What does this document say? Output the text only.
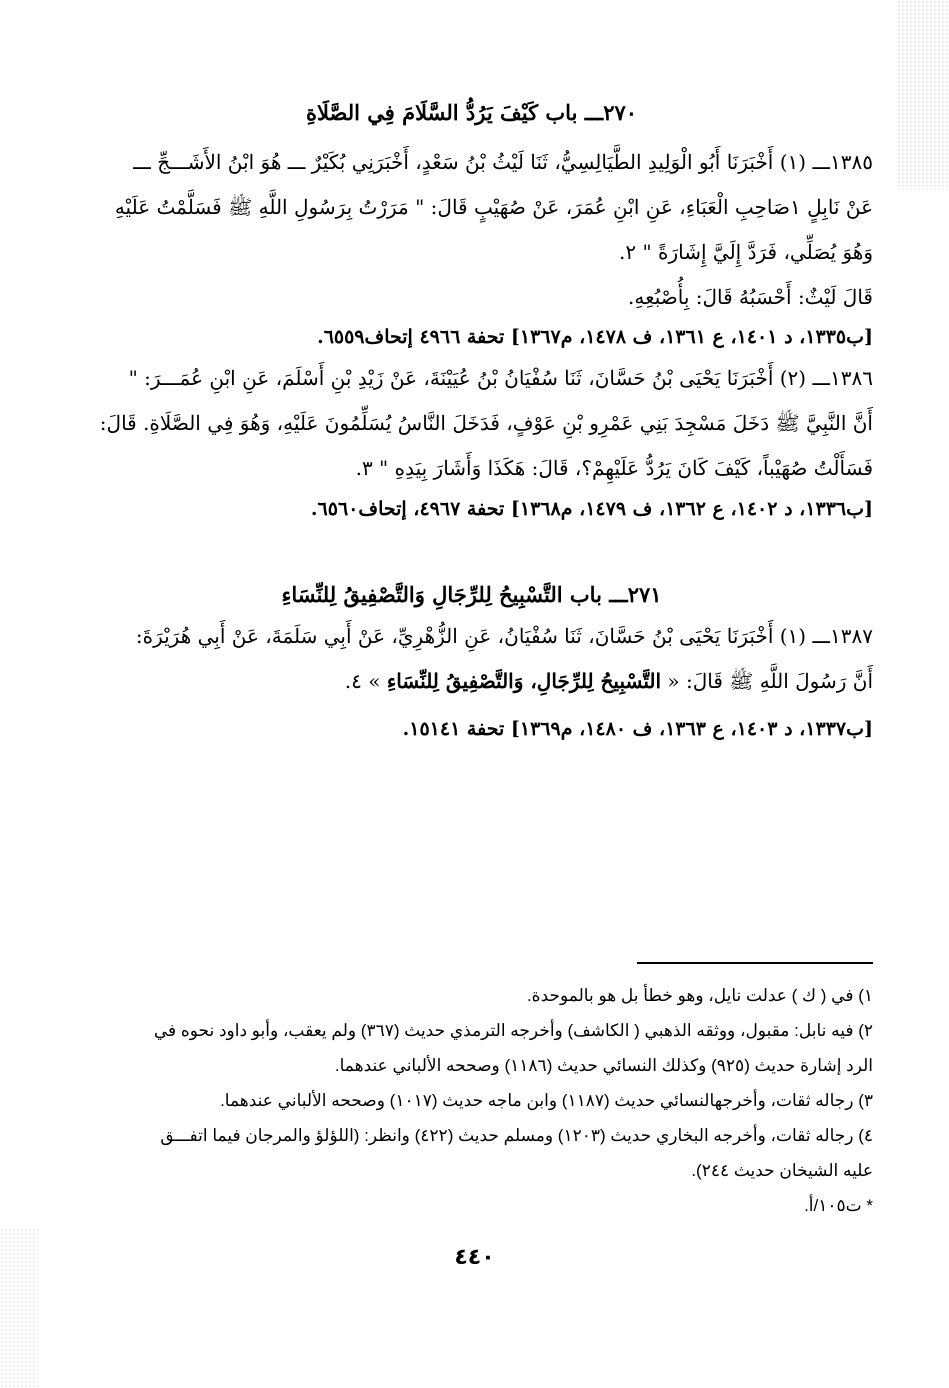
٢٧٠ـــ باب كَيْفَ يَرُدُّ السَّلَامَ فِي الصَّلَاةِ

١٣٨٥ـــ (١) أَخْبَرَنَا أَبُو الْوَلِيدِ الطَّيَالِسِيُّ، ثَنَا لَيْثُ بْنُ سَعْدٍ، أَخْبَرَنِي بُكَيْرٌ ـــ هُوَ ابْنُ الأَشَـــجِّ ـــ

عَنْ نَابِلٍ ١صَاحِبِ الْعَبَاءِ، عَنِ ابْنِ عُمَرَ، عَنْ صُهَيْبٍ قَالَ: " مَرَرْتُ بِرَسُولِ اللَّهِ ﷺ فَسَلَّمْتُ عَلَيْهِ

وَهُوَ يُصَلِّي، فَرَدَّ إِلَيَّ إِشَارَةً " ٢.

قَالَ لَيْثٌ: أَحْسَبُهُ قَالَ: بِأُصْبُعِهِ.

[ب١٣٣٥، د ١٤٠١، ع ١٣٦١، ف ١٤٧٨، م١٣٦٧] تحفة ٤٩٦٦ إتحاف٦٥٥٩.

١٣٨٦ـــ (٢) أَخْبَرَنَا يَحْيَى بْنُ حَسَّانَ، ثَنَا سُفْيَانُ بْنُ عُيَيْنَةَ، عَنْ زَيْدِ بْنِ أَسْلَمَ، عَنِ ابْنِ عُمَـــرَ: "

أَنَّ النَّبِيَّ ﷺ دَخَلَ مَسْجِدَ بَنِي عَمْرِو بْنِ عَوْفٍ، فَدَخَلَ النَّاسُ يُسَلِّمُونَ عَلَيْهِ، وَهُوَ فِي الصَّلَاةِ. قَالَ:

فَسَأَلْتُ صُهَيْباً، كَيْفَ كَانَ يَرُدُّ عَلَيْهِمْ؟، قَالَ: هَكَذَا وَأَشَارَ بِيَدِهِ " ٣.

[ب١٣٣٦، د ١٤٠٢، ع ١٣٦٢، ف ١٤٧٩، م١٣٦٨] تحفة ٤٩٦٧، إتحاف٦٥٦٠.
٢٧١ـــ باب التَّسْبِيحُ لِلرِّجَالِ وَالتَّصْفِيقُ لِلنِّسَاءِ

١٣٨٧ـــ (١) أَخْبَرَنَا يَحْيَى بْنُ حَسَّانَ، ثَنَا سُفْيَانُ، عَنِ الزُّهْرِيِّ، عَنْ أَبِي سَلَمَةَ، عَنْ أَبِي هُرَيْرَةَ:

أَنَّ رَسُولَ اللَّهِ ﷺ قَالَ: « التَّسْبِيحُ لِلرِّجَالِ، وَالتَّصْفِيقُ لِلنِّسَاءِ » ٤.

[ب١٣٣٧، د ١٤٠٣، ع ١٣٦٣، ف ١٤٨٠، م١٣٦٩] تحفة ١٥١٤١.

١) في ( ك ) عدلت نايل، وهو خطأ بل هو بالموحدة.

٢) فيه نابل: مقبول، ووثقه الذهبي ( الكاشف) وأخرجه الترمذي حديث (٣٦٧) ولم يعقب، وأبو داود نحوه في

الرد إشارة حديث (٩٢٥) وكذلك النسائي حديث (١١٨٦) وصححه الألباني عندهما.

٣) رجاله ثقات، وأخرجهالنسائي حديث (١١٨٧) وابن ماجه حديث (١٠١٧) وصححه الألباني عندهما.

٤) رجاله ثقات، وأخرجه البخاري حديث (١٢٠٣) ومسلم حديث (٤٢٢) وانظر: (اللؤلؤ والمرجان فيما اتفـــق

عليه الشيخان حديث ٢٤٤).

* ت١٠٥/أ.

٤٤٠
